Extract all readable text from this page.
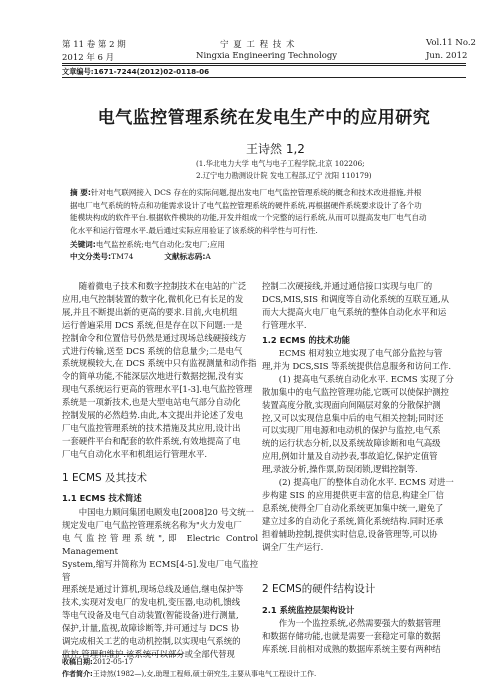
第 11 卷 第 2 期	宁 夏 工 程 技 术	Vol.11 No.2
2012 年 6 月	Ningxia Engineering Technology	Jun. 2012
文章编号:1671-7244(2012)02-0118-06
电气监控管理系统在发电生产中的应用研究
王诗然 1,2
(1.华北电力大学 电气与电子工程学院,北京 102206;
2.辽宁电力勘测设计院 发电工程部,辽宁 沈阳 110179)
摘 要:针对电气联网接入 DCS 存在的实际问题,提出发电厂电气监控管理系统的概念和技术改进措施,并根
据电厂电气系统的特点和功能需求设计了电气监控管理系统的硬件系统,再根据硬件系统要求设计了各个功
能模块构成的软件平台.根据软件模块的功能,开发并组成一个完整的运行系统,从而可以提高发电厂电气自动
化水平和运行管理水平.最后通过实际应用验证了该系统的科学性与可行性.
关键词:电气监控系统;电气自动化;发电厂;应用
中文分类号:TM74	文献标志码:A
随着微电子技术和数字控制技术在电站的广泛
应用,电气控制装置的数字化,微机化已有长足的发
展,并且不断提出新的更高的要求.目前,火电机组
运行普遍采用 DCS 系统,但是存在以下问题:一是
控制命令和位置信号仍然是通过现场总线硬接线方
式进行传输,送至 DCS 系统的信息量少;二是电气
系统规模较大,在 DCS 系统中只有监视测量和动作指
令的简单功能,不能深层次地进行数据挖掘,没有实
现电气系统运行更高的管理水平[1-3].电气监控管理
系统是一项新技术,也是大型电站电气部分自动化
控制发展的必然趋势.由此,本文提出并论述了发电
厂电气监控管理系统的技术措施及其应用,设计出
一套硬件平台和配套的软件系统,有效地提高了电
厂电气自动化水平和机组运行管理水平.
1 ECMS 及其技术
1.1 ECMS 技术简述
中国电力顾问集团电顾发电[2008]20 号文统一
规定发电厂电气监控管理系统名称为"火力发电厂
电气监控管理系统",即 Electric Control Management
System,缩写并简称为 ECMS[4-5].发电厂电气监控管
理系统是通过计算机,现场总线及通信,继电保护等
技术,实现对发电厂的发电机,变压器,电动机,馈线
等电气设备及电气自动装置(智能设备)进行测量,
保护,计量,监视,故障诊断等,并可通过与 DCS 协
调完成相关工艺的电动机控制,以实现电气系统的
监控,管理和维护.该系统可以部分或全部代替现
控制二次硬接线,并通过通信接口实现与电厂的
DCS,MIS,SIS 和调度等自动化系统的互联互通,从
而大大提高火电厂电气系统的整体自动化水平和运
行管理水平.
1.2 ECMS 的技术功能
ECMS 相对独立地实现了电气部分监控与管
理,并为 DCS,SIS 等系统提供信息服务和访问工作.
(1) 提高电气系统自动化水平. ECMS 实现了分
散加集中的电气监控管理功能,它既可以使保护测控
装置高度分散,实现面向间隔层对象的分散保护测
控,又可以实现信息集中后的电气相关控制;同时还
可以实现厂用电源和电动机的保护与监控,电气系
统的运行状态分析,以及系统故障诊断和电气高级
应用,例如计量及自动抄表,事故追忆,保护定值管
理,录波分析,操作票,防误闭锁,逻辑控制等.
(2) 提高电厂的整体自动化水平. ECMS 对进一
步构建 SIS 的应用提供更丰富的信息,构建全厂信
息系统,使得全厂自动化系统更加集中统一,避免了
建立过多的自动化子系统,简化系统结构.同时还承
担着辅助控制,提供实时信息,设备管理等,可以协
调全厂生产运行.
2 ECMS的硬件结构设计
2.1 系统监控层架构设计
作为一个监控系统,必然需要强大的数据管理
和数据存储功能,也就是需要一套稳定可靠的数据
库系统.目前相对成熟的数据库系统主要有两种结
收稿日期:2012-05-17
作者简介:王诗然(1982—),女,助理工程师,硕士研究生,主要从事电气工程设计工作.
